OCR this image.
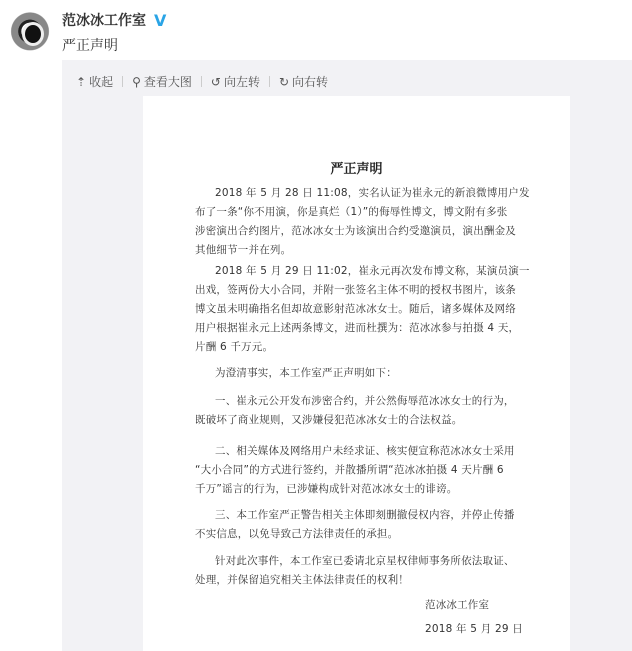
范冰冰工作室 V
严正声明
⇡ 收起 ⚲ 查看大图 ↺ 向左转 ↻ 向右转
严正声明
范冰冰工作室
2018 年 5 月 29 日
2018 年 5 月 28 日 11:08，实名认证为崔永元的新浪微博用户发
布了一条“你不用演，你是真烂（1）”的侮辱性博文，博文附有多张
涉密演出合约图片，范冰冰女士为该演出合约受邀演员，演出酬金及
其他细节一并在列。
2018 年 5 月 29 日 11:02，崔永元再次发布博文称，某演员演一
出戏，签两份大小合同，并附一张签名主体不明的授权书图片，该条
博文虽未明确指名但却故意影射范冰冰女士。随后，诸多媒体及网络
用户根据崔永元上述两条博文，进而杜撰为：范冰冰参与拍摄 4 天，
片酬 6 千万元。
为澄清事实，本工作室严正声明如下：
一、崔永元公开发布涉密合约，并公然侮辱范冰冰女士的行为，
既破坏了商业规则，又涉嫌侵犯范冰冰女士的合法权益。
二、相关媒体及网络用户未经求证、核实便宣称范冰冰女士采用
“大小合同”的方式进行签约，并散播所谓“范冰冰拍摄 4 天片酬 6
千万”谣言的行为，已涉嫌构成针对范冰冰女士的诽谤。
三、本工作室严正警告相关主体即刻删撤侵权内容，并停止传播
不实信息，以免导致己方法律责任的承担。
针对此次事件，本工作室已委请北京星权律师事务所依法取证、
处理，并保留追究相关主体法律责任的权利！
